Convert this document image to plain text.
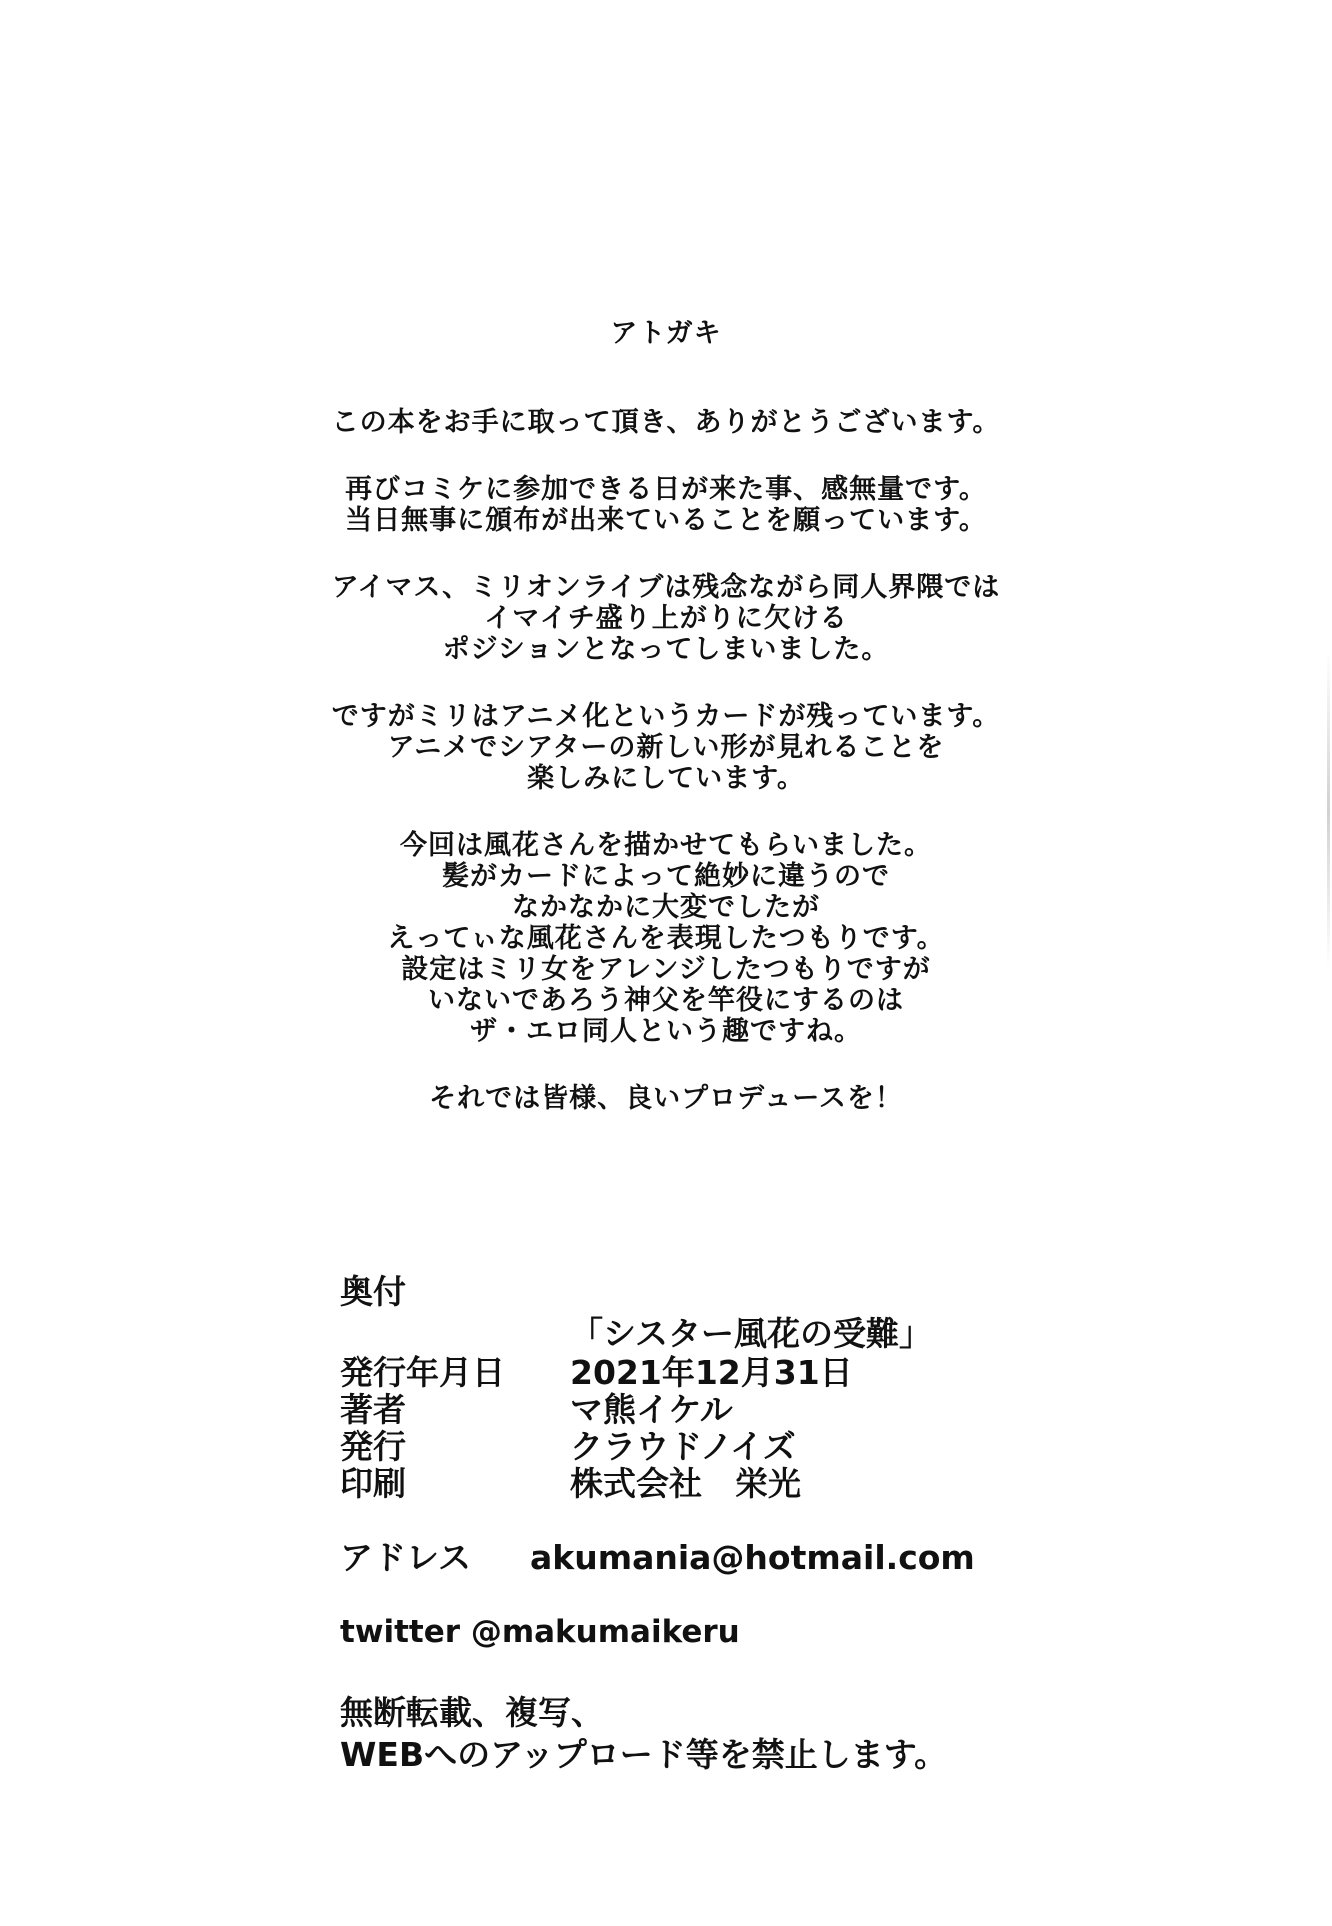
アトガキ
この本をお手に取って頂き、ありがとうございます。
再びコミケに参加できる日が来た事、感無量です。
当日無事に頒布が出来ていることを願っています。
アイマス、ミリオンライブは残念ながら同人界隈では
イマイチ盛り上がりに欠ける
ポジションとなってしまいました。
ですがミリはアニメ化というカードが残っています。
アニメでシアターの新しい形が見れることを
楽しみにしています。
今回は風花さんを描かせてもらいました。
髪がカードによって絶妙に違うので
なかなかに大変でしたが
えってぃな風花さんを表現したつもりです。
設定はミリ女をアレンジしたつもりですが
いないであろう神父を竿役にするのは
ザ・エロ同人という趣ですね。
それでは皆様、良いプロデュースを！
奥付
「シスター風花の受難」
発行年月日	2021年12月31日
著者	マ熊イケル
発行	クラウドノイズ
印刷	株式会社　栄光
アドレス	akumania@hotmail.com
twitter @makumaikeru
無断転載、複写、
WEBへのアップロード等を禁止します。
